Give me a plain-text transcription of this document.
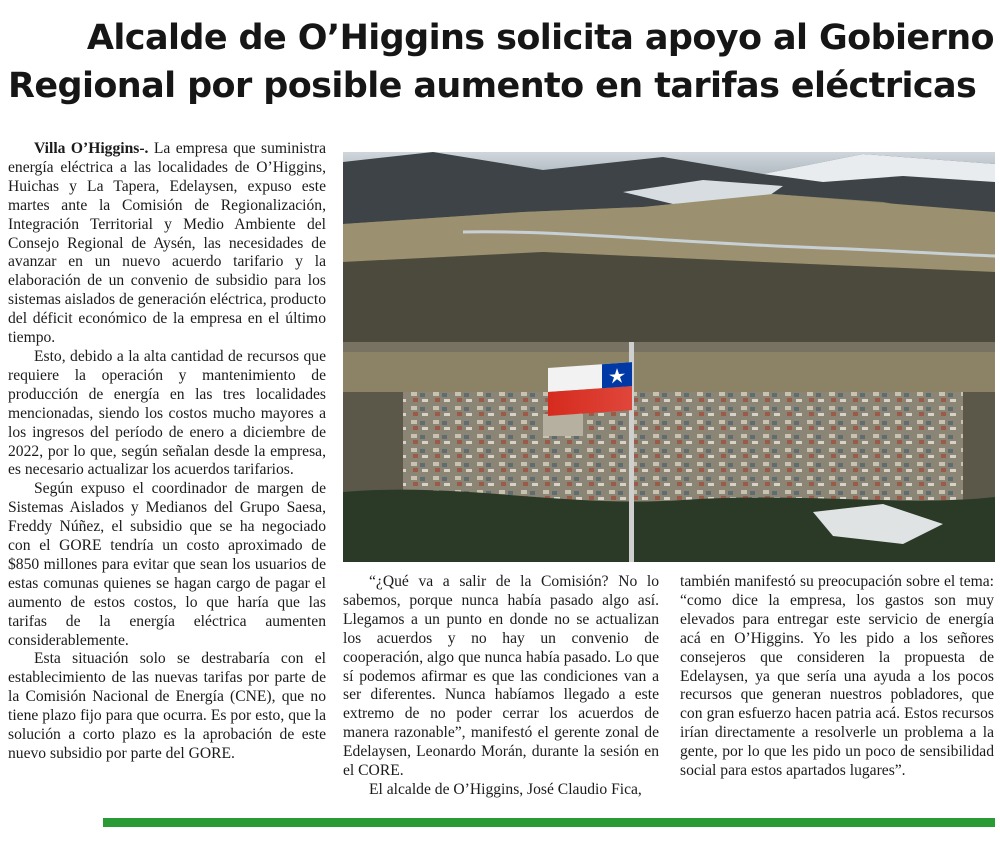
Alcalde de O’Higgins solicita apoyo al Gobierno
Regional por posible aumento en tarifas eléctricas

Villa O’Higgins-. La empresa que suministra energía eléctrica a las localidades de O’Higgins, Huichas y La Tapera, Edelaysen, expuso este martes ante la Comisión de Regionalización, Integración Territorial y Medio Ambiente del Consejo Regional de Aysén, las necesidades de avanzar en un nuevo acuerdo tarifario y la elaboración de un convenio de subsidio para los sistemas aislados de generación eléctrica, producto del déficit económico de la empresa en el último tiempo.

Esto, debido a la alta cantidad de recursos que requiere la operación y mantenimiento de producción de energía en las tres localidades mencionadas, siendo los costos mucho mayores a los ingresos del período de enero a diciembre de 2022, por lo que, según señalan desde la empresa, es necesario actualizar los acuerdos tarifarios.

Según expuso el coordinador de margen de Sistemas Aislados y Medianos del Grupo Saesa, Freddy Núñez, el subsidio que se ha negociado con el GORE tendría un costo aproximado de $850 millones para evitar que sean los usuarios de estas comunas quienes se hagan cargo de pagar el aumento de estos costos, lo que haría que las tarifas de la energía eléctrica aumenten considerablemente.

Esta situación solo se destrabaría con el establecimiento de las nuevas tarifas por parte de la Comisión Nacional de Energía (CNE), que no tiene plazo fijo para que ocurra. Es por esto, que la solución a corto plazo es la aprobación de este nuevo subsidio por parte del GORE.

“¿Qué va a salir de la Comisión? No lo sabemos, porque nunca había pasado algo así. Llegamos a un punto en donde no se actualizan los acuerdos y no hay un convenio de cooperación, algo que nunca había pasado. Lo que sí podemos afirmar es que las condiciones van a ser diferentes. Nunca habíamos llegado a este extremo de no poder cerrar los acuerdos de manera razonable”, manifestó el gerente zonal de Edelaysen, Leonardo Morán, durante la sesión en el CORE.

El alcalde de O’Higgins, José Claudio Fica,

también manifestó su preocupación sobre el tema: “como dice la empresa, los gastos son muy elevados para entregar este servicio de energía acá en O’Higgins. Yo les pido a los señores consejeros que consideren la propuesta de Edelaysen, ya que sería una ayuda a los pocos recursos que generan nuestros pobladores, que con gran esfuerzo hacen patria acá. Estos recursos irían directamente a resolverle un problema a la gente, por lo que les pido un poco de sensibilidad social para estos apartados lugares”.
